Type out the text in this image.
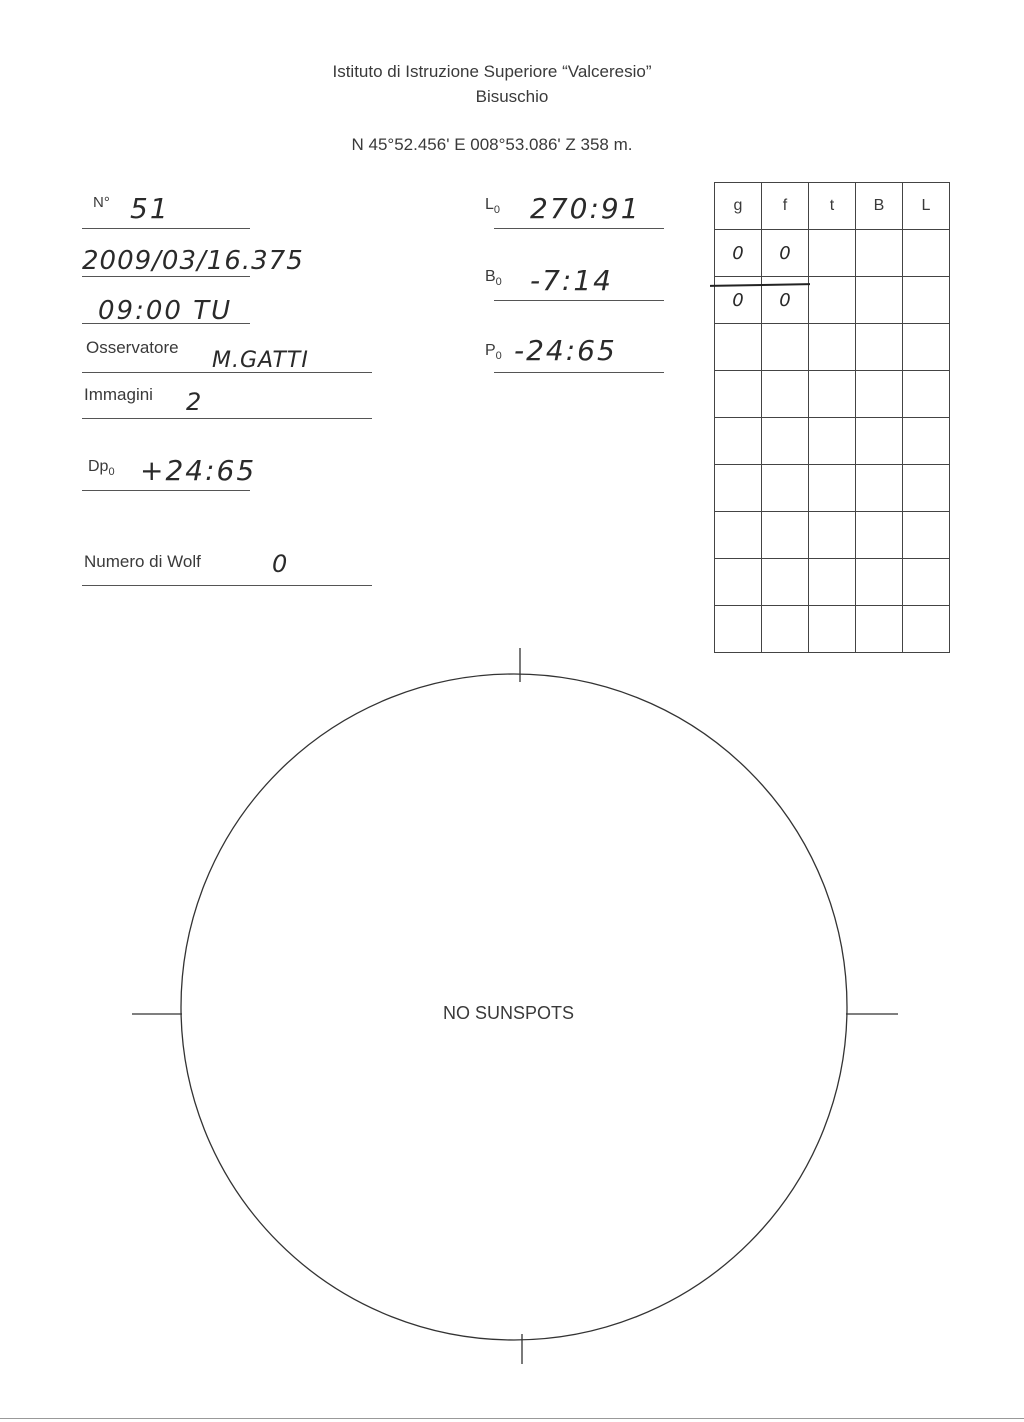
Istituto di Istruzione Superiore “Valceresio”
Bisuschio
N 45°52.456' E 008°53.086' Z 358 m.
N° 51
2009/03/16.375
09:00 TU
Osservatore
M.GATTI
Immagini 2
$Dp_0$ +24:65
Numero di Wolf	0
$L_0$ 270:91
$B_0$ -7:14
$P_0$ -24:65
g	f	t	B	L
0	0			
0	0			

NO SUNSPOTS
